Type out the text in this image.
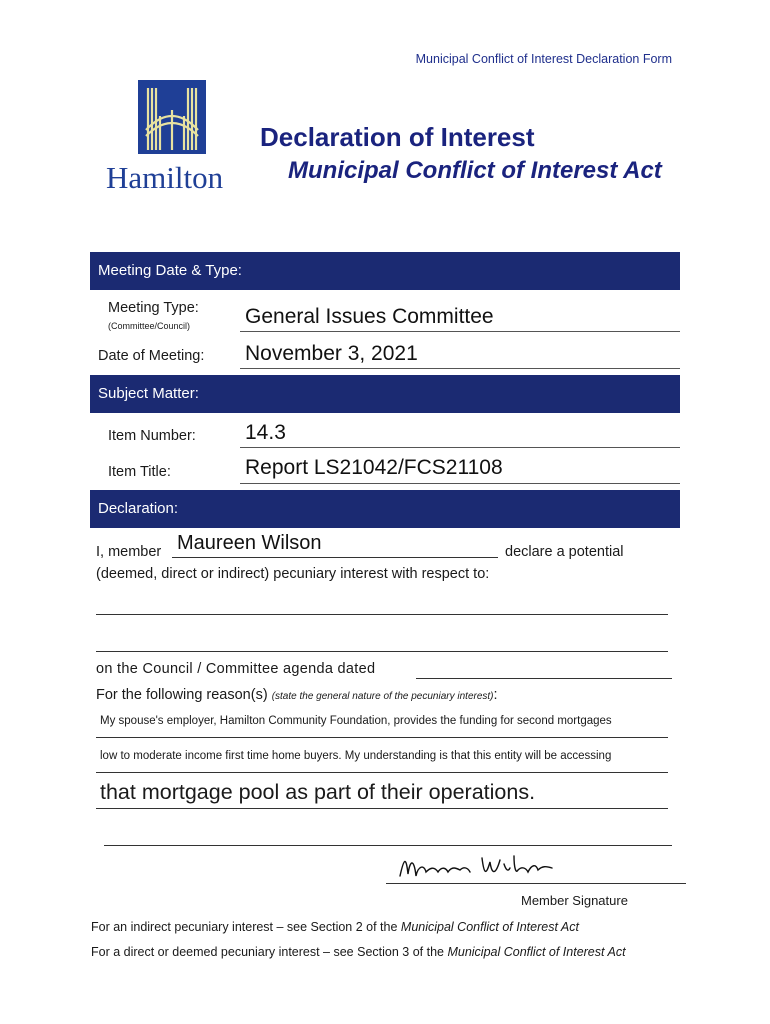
Municipal Conflict of Interest Declaration Form
Hamilton
Declaration of Interest
Municipal Conflict of Interest Act
Meeting Date & Type:
Meeting Type:
(Committee/Council)	General Issues Committee
Date of Meeting: November 3, 2021
Subject Matter:
Item Number: 14.3
Item Title:	Report LS21042/FCS21108
Declaration:
I, member Maureen Wilson	declare a potential
(deemed, direct or indirect) pecuniary interest with respect to:
on the Council / Committee agenda dated
For the following reason(s) (state the general nature of the pecuniary interest):
My spouse's employer, Hamilton Community Foundation, provides the funding for second mortgages
low to moderate income first time home buyers. My understanding is that this entity will be accessing
that mortgage pool as part of their operations.
Member Signature
For an indirect pecuniary interest – see Section 2 of the Municipal Conflict of Interest Act
For a direct or deemed pecuniary interest – see Section 3 of the Municipal Conflict of Interest Act
